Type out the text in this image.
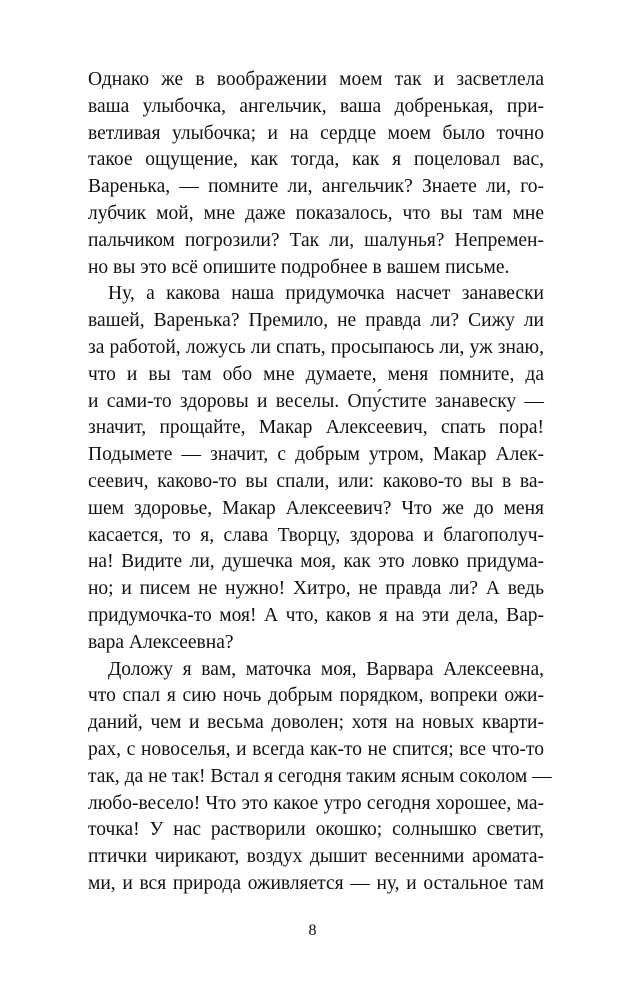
Однако же в воображении моем так и засветлела
ваша улыбочка, ангельчик, ваша добренькая, при-
ветливая улыбочка; и на сердце моем было точно
такое ощущение, как тогда, как я поцеловал вас,
Варенька, — помните ли, ангельчик? Знаете ли, го-
лубчик мой, мне даже показалось, что вы там мне
пальчиком погрозили? Так ли, шалунья? Непремен-
но вы это всё опишите подробнее в вашем письме.
Ну, а какова наша придумочка насчет занавески
вашей, Варенька? Премило, не правда ли? Сижу ли
за работой, ложусь ли спать, просыпаюсь ли, уж знаю,
что и вы там обо мне думаете, меня помните, да
и сами-то здоровы и веселы. Опу́стите занавеску —
значит, прощайте, Макар Алексеевич, спать пора!
Подымете — значит, с добрым утром, Макар Алек-
сеевич, каково-то вы спали, или: каково-то вы в ва-
шем здоровье, Макар Алексеевич? Что же до меня
касается, то я, слава Творцу, здорова и благополуч-
на! Видите ли, душечка моя, как это ловко придума-
но; и писем не нужно! Хитро, не правда ли? А ведь
придумочка-то моя! А что, каков я на эти дела, Вар-
вара Алексеевна?
Доложу я вам, маточка моя, Варвара Алексеевна,
что спал я сию ночь добрым порядком, вопреки ожи-
даний, чем и весьма доволен; хотя на новых кварти-
рах, с новоселья, и всегда как-то не спится; все что-то
так, да не так! Встал я сегодня таким ясным соколом —
любо-весело! Что это какое утро сегодня хорошее, ма-
точка! У нас растворили окошко; солнышко светит,
птички чирикают, воздух дышит весенними аромата-
ми, и вся природа оживляется — ну, и остальное там
8
